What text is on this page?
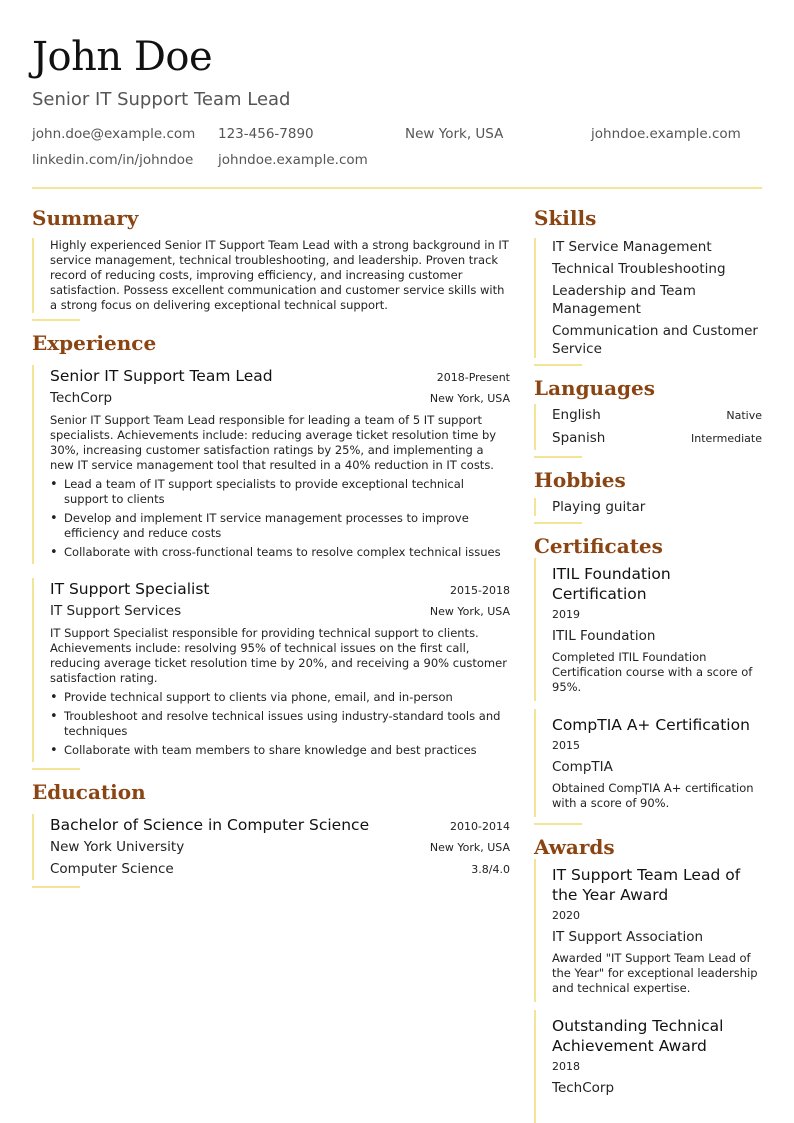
John Doe
Senior IT Support Team Lead
john.doe@example.com 123-456-7890	New York, USA	johndoe.example.com
linkedin.com/in/johndoe johndoe.example.com
Summary
Highly experienced Senior IT Support Team Lead with a strong background in IT service management, technical troubleshooting, and leadership. Proven track record of reducing costs, improving efficiency, and increasing customer satisfaction. Possess excellent communication and customer service skills with a strong focus on delivering exceptional technical support.
Experience
Senior IT Support Team Lead	2018-Present
TechCorp	New York, USA
Senior IT Support Team Lead responsible for leading a team of 5 IT support specialists. Achievements include: reducing average ticket resolution time by 30%, increasing customer satisfaction ratings by 25%, and implementing a new IT service management tool that resulted in a 40% reduction in IT costs.
• Lead a team of IT support specialists to provide exceptional technical support to clients
• Develop and implement IT service management processes to improve efficiency and reduce costs
• Collaborate with cross-functional teams to resolve complex technical issues
IT Support Specialist	2015-2018
IT Support Services	New York, USA
IT Support Specialist responsible for providing technical support to clients. Achievements include: resolving 95% of technical issues on the first call, reducing average ticket resolution time by 20%, and receiving a 90% customer satisfaction rating.
• Provide technical support to clients via phone, email, and in-person
• Troubleshoot and resolve technical issues using industry-standard tools and techniques
• Collaborate with team members to share knowledge and best practices
Education
Bachelor of Science in Computer Science	2010-2014
New York University	New York, USA
Computer Science	3.8/4.0
Skills
IT Service Management
Technical Troubleshooting
Leadership and Team Management
Communication and Customer Service
Languages
English	Native
Spanish	Intermediate
Hobbies
Playing guitar
Certificates
ITIL Foundation Certification
2019
ITIL Foundation
Completed ITIL Foundation Certification course with a score of 95%.
CompTIA A+ Certification
2015
CompTIA
Obtained CompTIA A+ certification with a score of 90%.
Awards
IT Support Team Lead of the Year Award
2020
IT Support Association
Awarded "IT Support Team Lead of the Year" for exceptional leadership and technical expertise.
Outstanding Technical Achievement Award
2018
TechCorp
